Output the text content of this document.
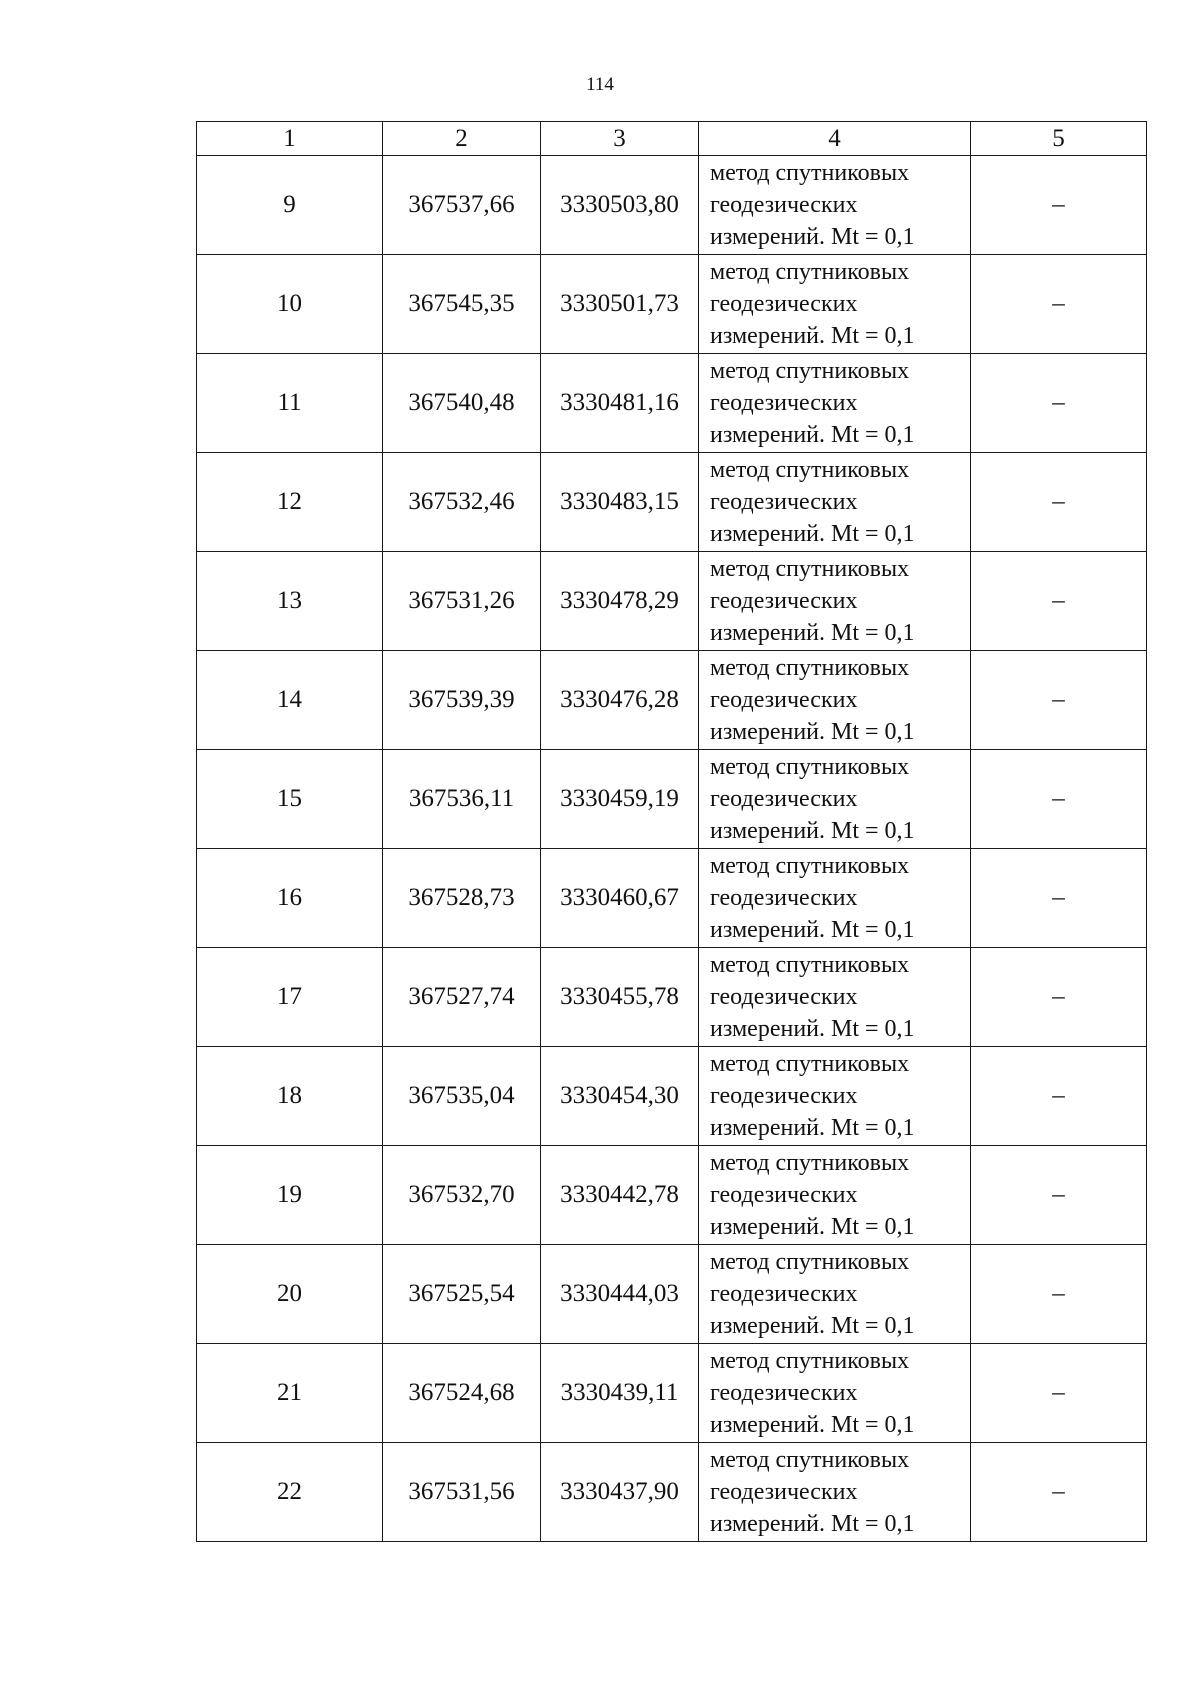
114
1	2	3	4	5
9	367537,66	3330503,80	метод спутниковых
геодезических
измерений. Mt = 0,1	–
10	367545,35	3330501,73	метод спутниковых
геодезических
измерений. Mt = 0,1	–
11	367540,48	3330481,16	метод спутниковых
геодезических
измерений. Mt = 0,1	–
12	367532,46	3330483,15	метод спутниковых
геодезических
измерений. Mt = 0,1	–
13	367531,26	3330478,29	метод спутниковых
геодезических
измерений. Mt = 0,1	–
14	367539,39	3330476,28	метод спутниковых
геодезических
измерений. Mt = 0,1	–
15	367536,11	3330459,19	метод спутниковых
геодезических
измерений. Mt = 0,1	–
16	367528,73	3330460,67	метод спутниковых
геодезических
измерений. Mt = 0,1	–
17	367527,74	3330455,78	метод спутниковых
геодезических
измерений. Mt = 0,1	–
18	367535,04	3330454,30	метод спутниковых
геодезических
измерений. Mt = 0,1	–
19	367532,70	3330442,78	метод спутниковых
геодезических
измерений. Mt = 0,1	–
20	367525,54	3330444,03	метод спутниковых
геодезических
измерений. Mt = 0,1	–
21	367524,68	3330439,11	метод спутниковых
геодезических
измерений. Mt = 0,1	–
22	367531,56	3330437,90	метод спутниковых
геодезических
измерений. Mt = 0,1	–
